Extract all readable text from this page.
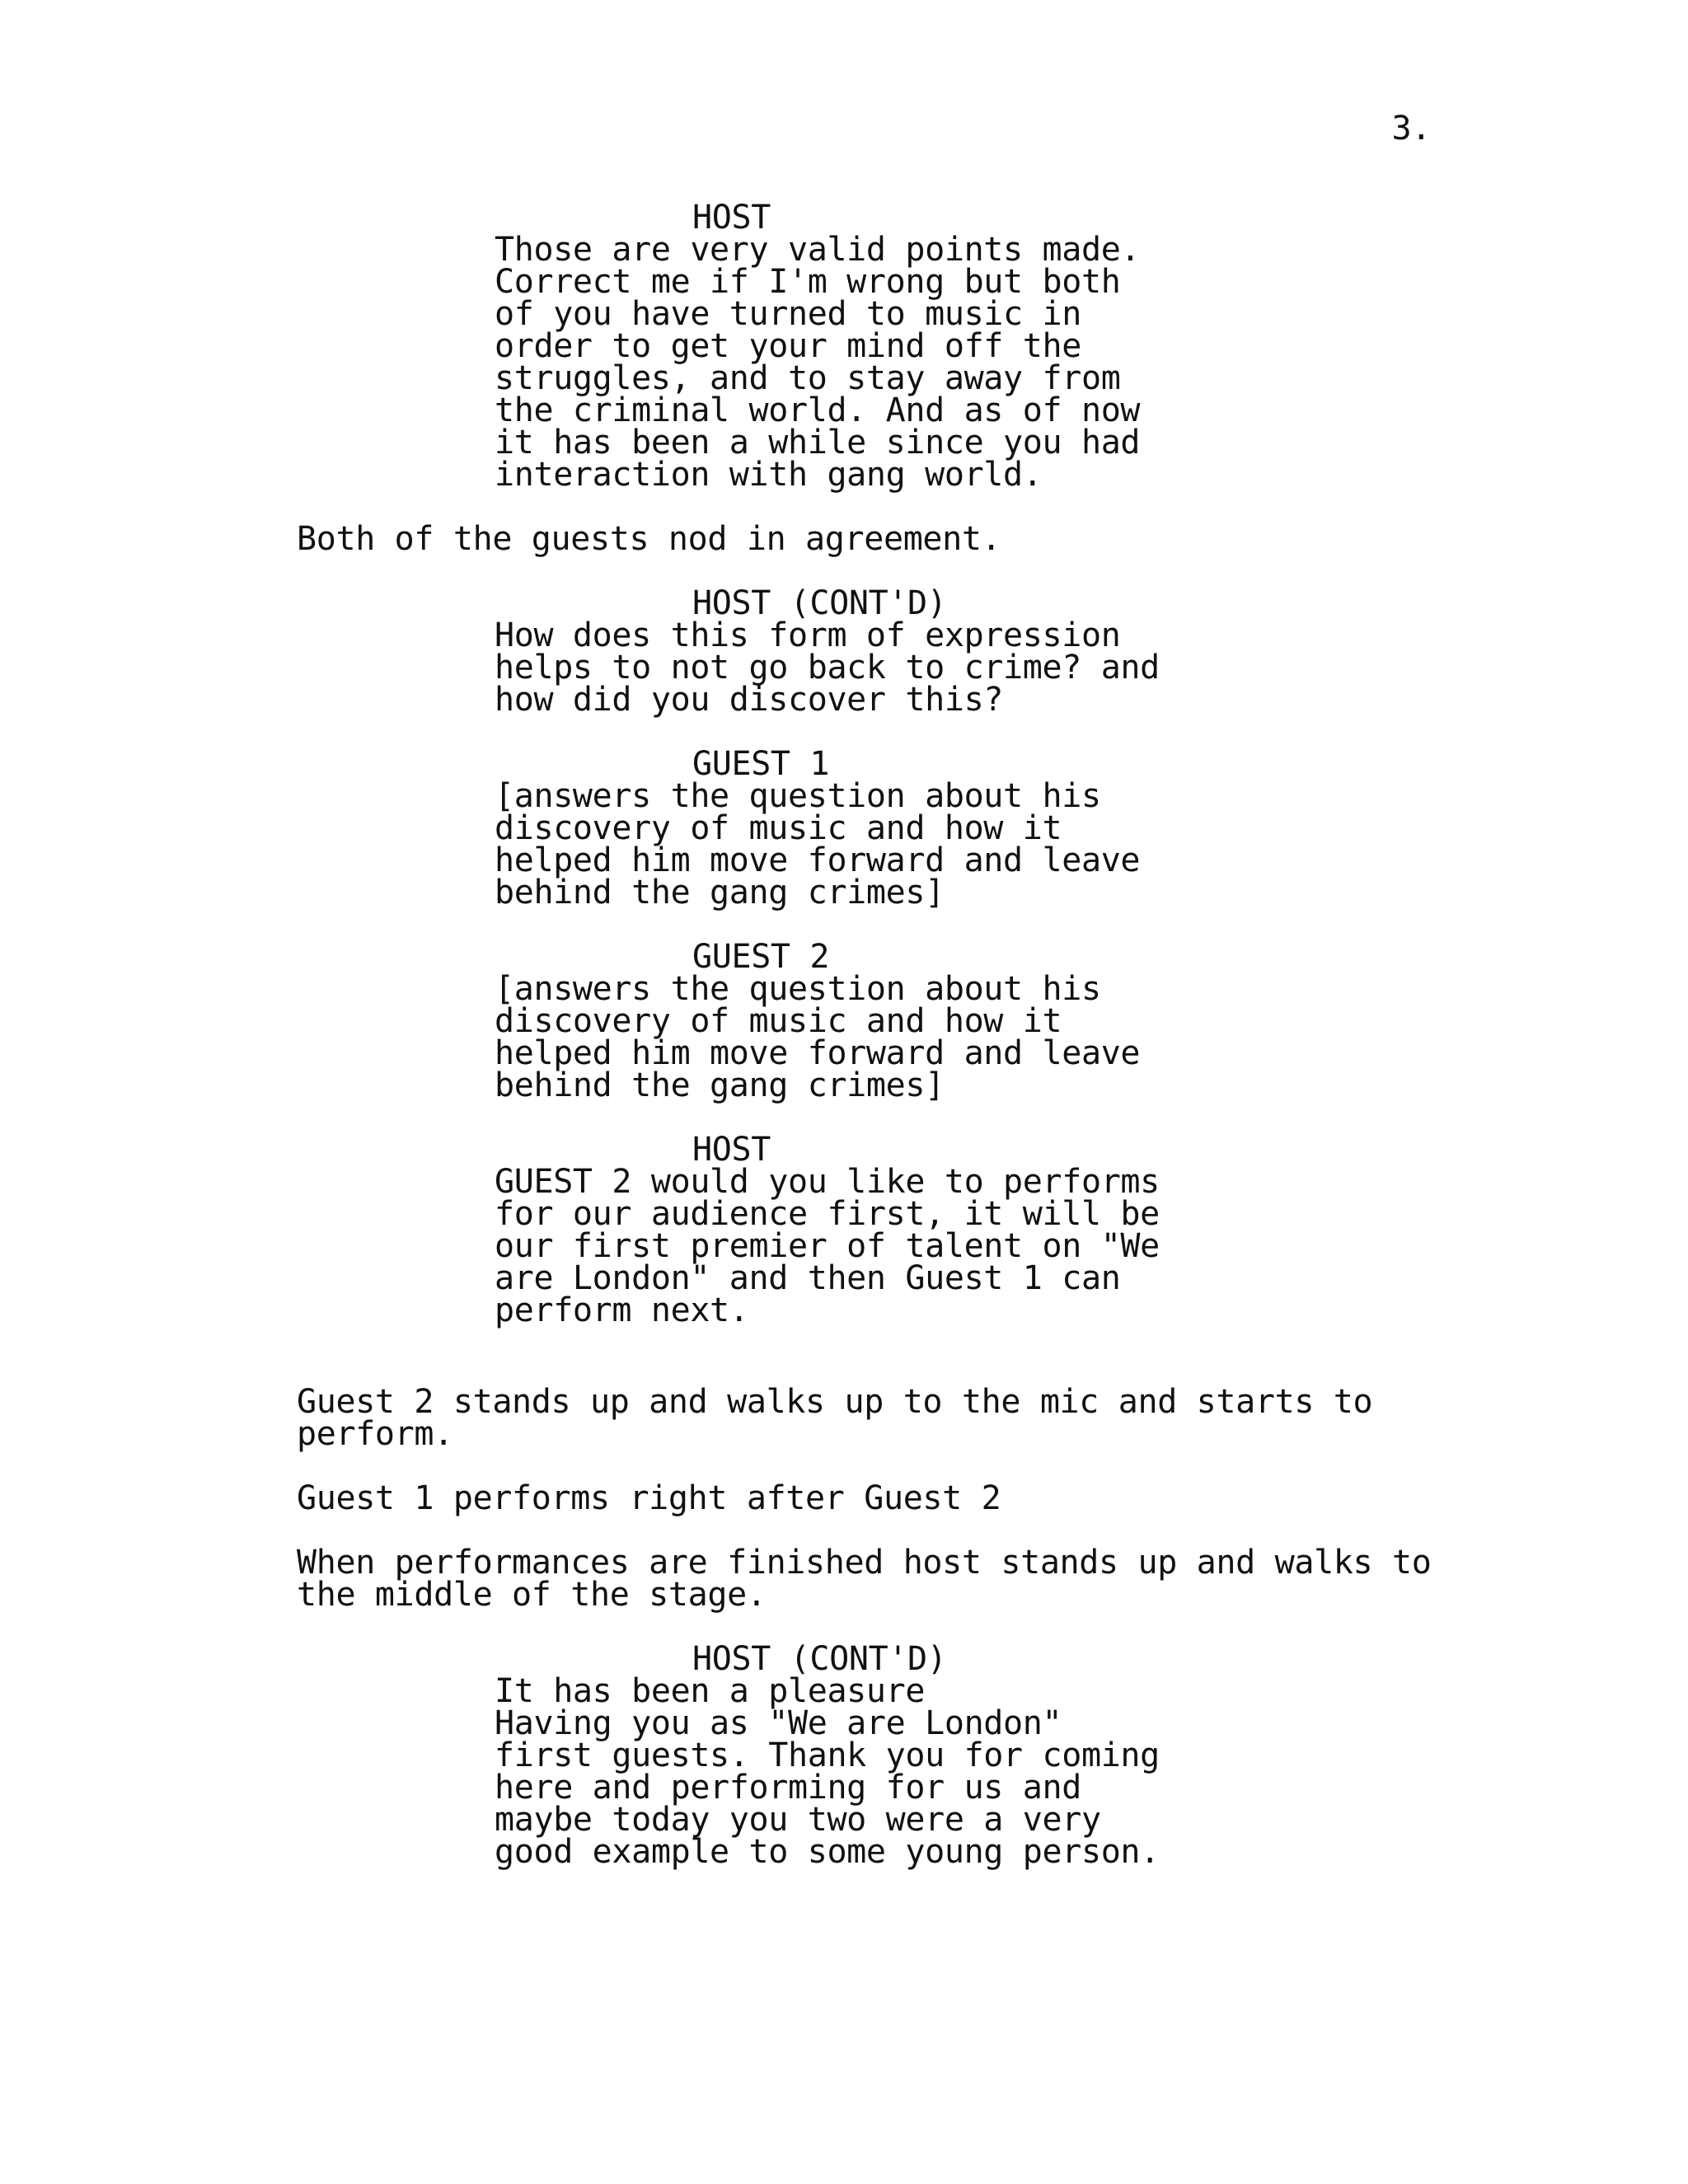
3.
HOST
Those are very valid points made.
Correct me if I'm wrong but both
of you have turned to music in
order to get your mind off the
struggles, and to stay away from
the criminal world. And as of now
it has been a while since you had
interaction with gang world.
Both of the guests nod in agreement.
HOST (CONT'D)
How does this form of expression
helps to not go back to crime? and
how did you discover this?
GUEST 1
[answers the question about his
discovery of music and how it
helped him move forward and leave
behind the gang crimes]
GUEST 2
[answers the question about his
discovery of music and how it
helped him move forward and leave
behind the gang crimes]
HOST
GUEST 2 would you like to performs
for our audience first, it will be
our first premier of talent on "We
are London" and then Guest 1 can
perform next.
Guest 2 stands up and walks up to the mic and starts to
perform.
Guest 1 performs right after Guest 2
When performances are finished host stands up and walks to
the middle of the stage.
HOST (CONT'D)
It has been a pleasure
Having you as "We are London"
first guests. Thank you for coming
here and performing for us and
maybe today you two were a very
good example to some young person.
